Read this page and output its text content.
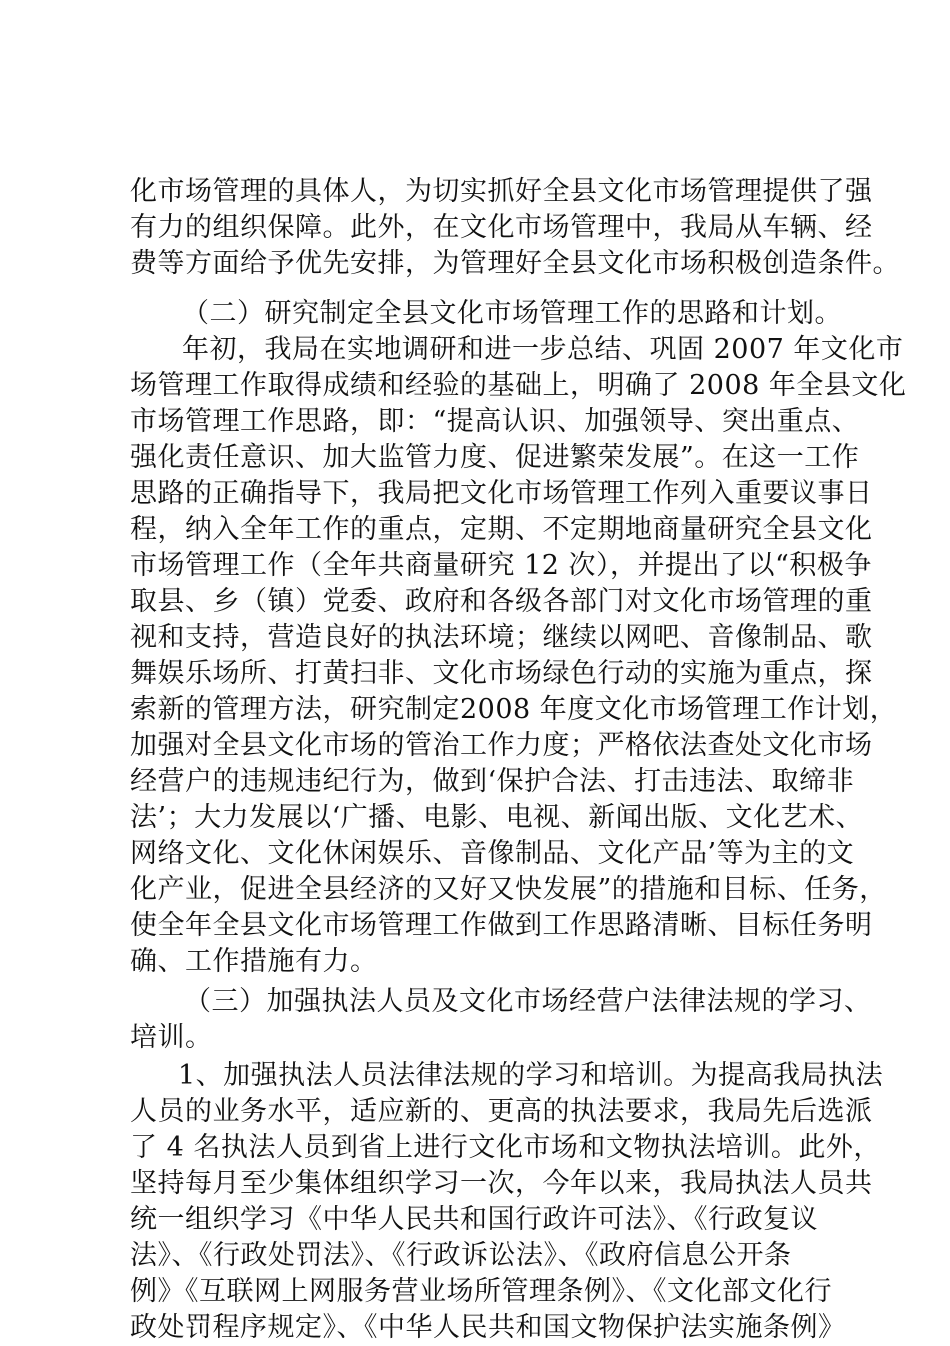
化市场管理的具体人，为切实抓好全县文化市场管理提供了强
有力的组织保障。此外，在文化市场管理中，我局从车辆、经
费等方面给予优先安排，为管理好全县文化市场积极创造条件。
（二）研究制定全县文化市场管理工作的思路和计划。
年初，我局在实地调研和进一步总结、巩固 2007 年文化市
场管理工作取得成绩和经验的基础上，明确了 2008 年全县文化
市场管理工作思路，即：“提高认识、加强领导、突出重点、
强化责任意识、加大监管力度、促进繁荣发展”。在这一工作
思路的正确指导下，我局把文化市场管理工作列入重要议事日
程，纳入全年工作的重点，定期、不定期地商量研究全县文化
市场管理工作（全年共商量研究 12 次），并提出了以“积极争
取县、乡（镇）党委、政府和各级各部门对文化市场管理的重
视和支持，营造良好的执法环境；继续以网吧、音像制品、歌
舞娱乐场所、打黄扫非、文化市场绿色行动的实施为重点，探
索新的管理方法，研究制定2008 年度文化市场管理工作计划，
加强对全县文化市场的管治工作力度；严格依法查处文化市场
经营户的违规违纪行为，做到‘保护合法、打击违法、取缔非
法’；大力发展以‘广播、电影、电视、新闻出版、文化艺术、
网络文化、文化休闲娱乐、音像制品、文化产品’等为主的文
化产业，促进全县经济的又好又快发展”的措施和目标、任务，
使全年全县文化市场管理工作做到工作思路清晰、目标任务明
确、工作措施有力。
（三）加强执法人员及文化市场经营户法律法规的学习、
培训。
1、加强执法人员法律法规的学习和培训。为提高我局执法
人员的业务水平，适应新的、更高的执法要求，我局先后选派
了 4 名执法人员到省上进行文化市场和文物执法培训。此外，
坚持每月至少集体组织学习一次，今年以来，我局执法人员共
统一组织学习《中华人民共和国行政许可法》、《行政复议
法》、《行政处罚法》、《行政诉讼法》、《政府信息公开条
例》《互联网上网服务营业场所管理条例》、《文化部文化行
政处罚程序规定》、《中华人民共和国文物保护法实施条例》
